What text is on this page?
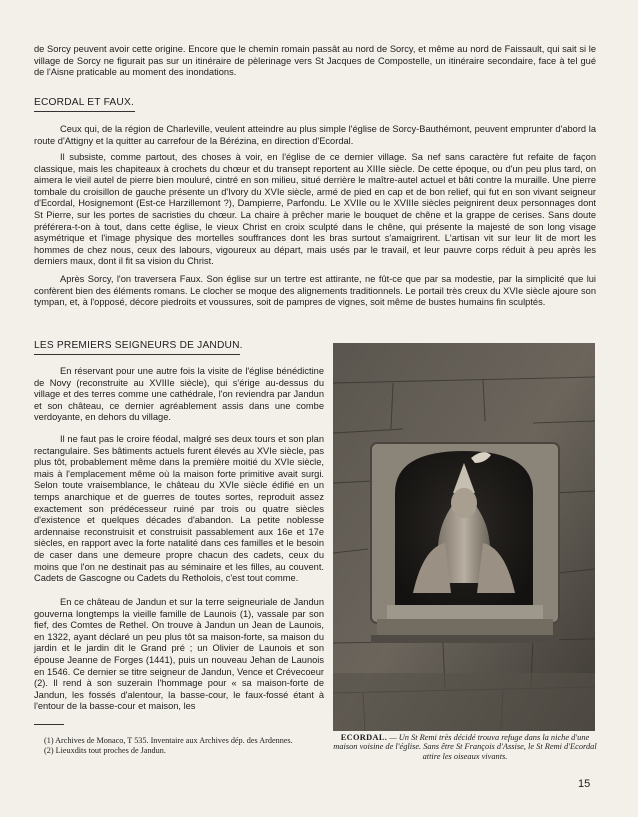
de Sorcy peuvent avoir cette origine. Encore que le chemin romain passât au nord de Sorcy, et même au nord de Faissault, qui sait si le village de Sorcy ne figurait pas sur un itinéraire de pèlerinage vers St Jacques de Compostelle, un itinéraire secondaire, face à tel gué de l'Aisne praticable au moment des inondations.

ECORDAL ET FAUX.

Ceux qui, de la région de Charleville, veulent atteindre au plus simple l'église de Sorcy-Bauthémont, peuvent emprunter d'abord la route d'Attigny et la quitter au carrefour de la Bérézina, en direction d'Ecordal.

Il subsiste, comme partout, des choses à voir, en l'église de ce dernier village. Sa nef sans caractère fut refaite de façon classique, mais les chapiteaux à crochets du chœur et du transept reportent au XIIIe siècle. De cette époque, ou d'un peu plus tard, on aimera le vieil autel de pierre bien mouluré, cintré en son milieu, situé derrière le maître-autel actuel et bâti contre la muraille. Une pierre tombale du croisillon de gauche présente un d'Ivory du XVIe siècle, armé de pied en cap et de bon relief, qui fut en son vivant seigneur d'Ecordal, Hosignemont (Est-ce Harzillemont ?), Dampierre, Parfondu. Le XVIIe ou le XVIIIe siècles peignirent deux personnages dont St Pierre, sur les portes de sacristies du chœur. La chaire à prêcher marie le bouquet de chêne et la grappe de cerises. Sans doute préférera-t-on à tout, dans cette église, le vieux Christ en croix sculpté dans le chêne, qui présente la majesté de son long visage asymétrique et l'image physique des mortelles souffrances dont les bras surtout s'amaigrirent. L'artisan vit sur leur lit de mort les hommes de chez nous, ceux des labours, vigoureux au départ, mais usés par le travail, et leur pauvre corps réduit à peu après les derniers maux, dont il fit sa vision du Christ.

Après Sorcy, l'on traversera Faux. Son église sur un tertre est attirante, ne fût-ce que par sa modestie, par la simplicité que lui confèrent bien des éléments romans. Le clocher se moque des alignements traditionnels. Le portail très creux du XVIe siècle ajoure son tympan, et, à l'opposé, décore piedroits et voussures, soit de pampres de vignes, soit même de bustes humains fin sculptés.

LES PREMIERS SEIGNEURS DE JANDUN.

En réservant pour une autre fois la visite de l'église bénédictine de Novy (reconstruite au XVIIIe siècle), qui s'érige au-dessus du village et des terres comme une cathédrale, l'on reviendra par Jandun et son château, ce dernier agréablement assis dans une combe verdoyante, en dehors du village.

Il ne faut pas le croire féodal, malgré ses deux tours et son plan rectangulaire. Ses bâtiments actuels furent élevés au XVIe siècle, pas plus tôt, probablement même dans la première moitié du XVIe siècle, mais à l'emplacement même où la maison forte primitive avait surgi. Selon toute vraisemblance, le château du XVIe siècle édifié en un temps anarchique et de guerres de toutes sortes, reproduit assez exactement son prédécesseur ruiné par trois ou quatre siècles d'existence et quelques décades d'abandon. La petite noblesse ardennaise reconstruisit et construisit passablement aux 16e et 17e siècles, en rapport avec la forte natalité dans ces familles et le besoin de caser dans une demeure propre chacun des cadets, ceux du moins que l'on ne destinait pas au séminaire et les filles, au couvent. Cadets de Gascogne ou Cadets du Retholois, c'est tout comme.

En ce château de Jandun et sur la terre seigneuriale de Jandun gouverna longtemps la vieille famille de Launois (1), vassale par son fief, des Comtes de Rethel. On trouve à Jandun un Jean de Launois, en 1322, ayant déclaré un peu plus tôt sa maison-forte, sa maison du jardin et le jardin dit le Grand pré ; un Olivier de Launois et son épouse Jeanne de Forges (1441), puis un nouveau Jehan de Launois en 1546. Ce dernier se titre seigneur de Jandun, Vence et Crévecoeur (2). Il rend à son suzerain l'hommage pour « sa maison-forte de Jandun, les fossés d'alentour, la basse-cour, le faux-fossé étant à l'entour de la basse-cour et maison, les

ECORDAL. — Un St Remi très décidé trouva refuge dans la niche d'une maison voisine de l'église. Sans être St François d'Assise, le St Remi d'Ecordal attire les oiseaux vivants.

(1) Archives de Monaco, T 535. Inventaire aux Archives dép. des Ardennes.
(2) Lieuxdits tout proches de Jandun.

15
